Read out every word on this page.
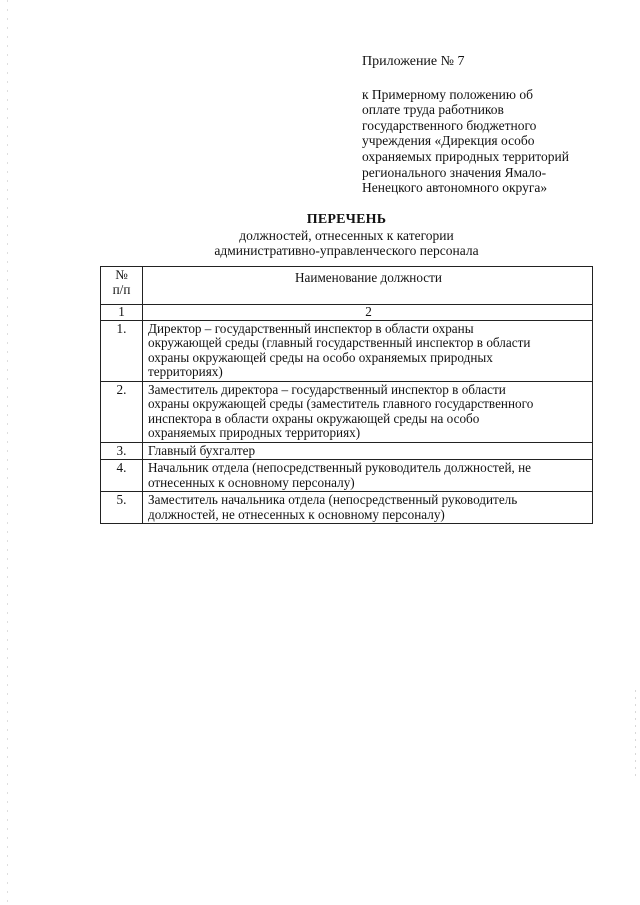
Приложение № 7

к Примерному положению об
оплате труда работников
государственного бюджетного
учреждения «Дирекция особо
охраняемых природных территорий
регионального значения Ямало-
Ненецкого автономного округа»
ПЕРЕЧЕНЬ
должностей, отнесенных к категории
административно-управленческого персонала
№
п/п	Наименование должности
1	2
1.	Директор – государственный инспектор в области охраны
окружающей среды (главный государственный инспектор в области
охраны окружающей среды на особо охраняемых природных
территориях)

2.	Заместитель директора – государственный инспектор в области
охраны окружающей среды (заместитель главного государственного
инспектора в области охраны окружающей среды на особо
охраняемых природных территориях)

3.	Главный бухгалтер

4.	Начальник отдела (непосредственный руководитель должностей, не
отнесенных к основному персоналу)

5.	Заместитель начальника отдела (непосредственный руководитель
должностей, не отнесенных к основному персоналу)
